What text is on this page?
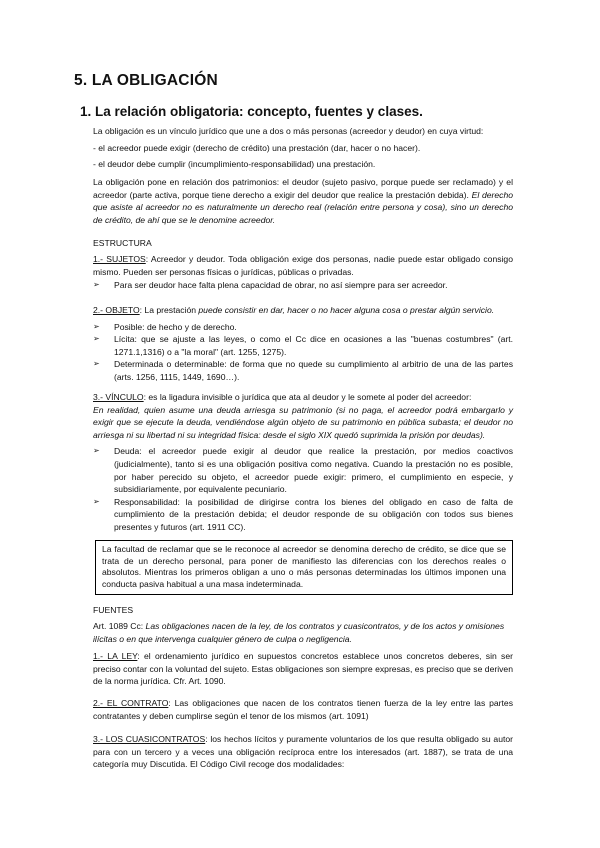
5. LA OBLIGACIÓN
1. La relación obligatoria: concepto, fuentes y clases.

La obligación es un vínculo jurídico que une a dos o más personas (acreedor y deudor) en cuya virtud:

- el acreedor puede exigir (derecho de crédito) una prestación (dar, hacer o no hacer).

- el deudor debe cumplir (incumplimiento-responsabilidad) una prestación.

La obligación pone en relación dos patrimonios: el deudor (sujeto pasivo, porque puede ser reclamado) y el acreedor (parte activa, porque tiene derecho a exigir del deudor que realice la prestación debida). El derecho que asiste al acreedor no es naturalmente un derecho real (relación entre persona y cosa), sino un derecho de crédito, de ahí que se le denomine acreedor.
ESTRUCTURA

1.- SUJETOS: Acreedor y deudor. Toda obligación exige dos personas, nadie puede estar obligado consigo mismo. Pueden ser personas físicas o jurídicas, públicas o privadas.

➢ Para ser deudor hace falta plena capacidad de obrar, no así siempre para ser acreedor.

2.- OBJETO: La prestación puede consistir en dar, hacer o no hacer alguna cosa o prestar algún servicio.

➢ Posible: de hecho y de derecho.
➢ Lícita: que se ajuste a las leyes, o como el Cc dice en ocasiones a las "buenas costumbres" (art. 1271.1,1316) o a "la moral" (art. 1255, 1275).
➢ Determinada o determinable: de forma que no quede su cumplimiento al arbitrio de una de las partes (arts. 1256, 1115, 1449, 1690…).

3.- VÍNCULO: es la ligadura invisible o jurídica que ata al deudor y le somete al poder del acreedor:

En realidad, quien asume una deuda arriesga su patrimonio (si no paga, el acreedor podrá embargarlo y exigir que se ejecute la deuda, vendiéndose algún objeto de su patrimonio en pública subasta; el deudor no arriesga ni su libertad ni su integridad física: desde el siglo XIX quedó suprimida la prisión por deudas).

➢ Deuda: el acreedor puede exigir al deudor que realice la prestación, por medios coactivos (judicialmente), tanto si es una obligación positiva como negativa. Cuando la prestación no es posible, por haber perecido su objeto, el acreedor puede exigir: primero, el cumplimiento en especie, y subsidiariamente, por equivalente pecuniario.
➢ Responsabilidad: la posibilidad de dirigirse contra los bienes del obligado en caso de falta de cumplimiento de la prestación debida; el deudor responde de su obligación con todos sus bienes presentes y futuros (art. 1911 CC).
La facultad de reclamar que se le reconoce al acreedor se denomina derecho de crédito, se dice que se trata de un derecho personal, para poner de manifiesto las diferencias con los derechos reales o absolutos. Mientras los primeros obligan a uno o más personas determinadas los últimos imponen una conducta pasiva habitual a una masa indeterminada.
FUENTES
Art. 1089 Cc: Las obligaciones nacen de la ley, de los contratos y cuasicontratos, y de los actos y omisiones ilícitas o en que intervenga cualquier género de culpa o negligencia.
1.- LA LEY: el ordenamiento jurídico en supuestos concretos establece unos concretos deberes, sin ser preciso contar con la voluntad del sujeto. Estas obligaciones son siempre expresas, es preciso que se deriven de la norma jurídica. Cfr. Art. 1090.
2.- EL CONTRATO: Las obligaciones que nacen de los contratos tienen fuerza de la ley entre las partes contratantes y deben cumplirse según el tenor de los mismos (art. 1091)
3.- LOS CUASICONTRATOS: los hechos lícitos y puramente voluntarios de los que resulta obligado su autor para con un tercero y a veces una obligación recíproca entre los interesados (art. 1887), se trata de una categoría muy Discutida. El Código Civil recoge dos modalidades:
